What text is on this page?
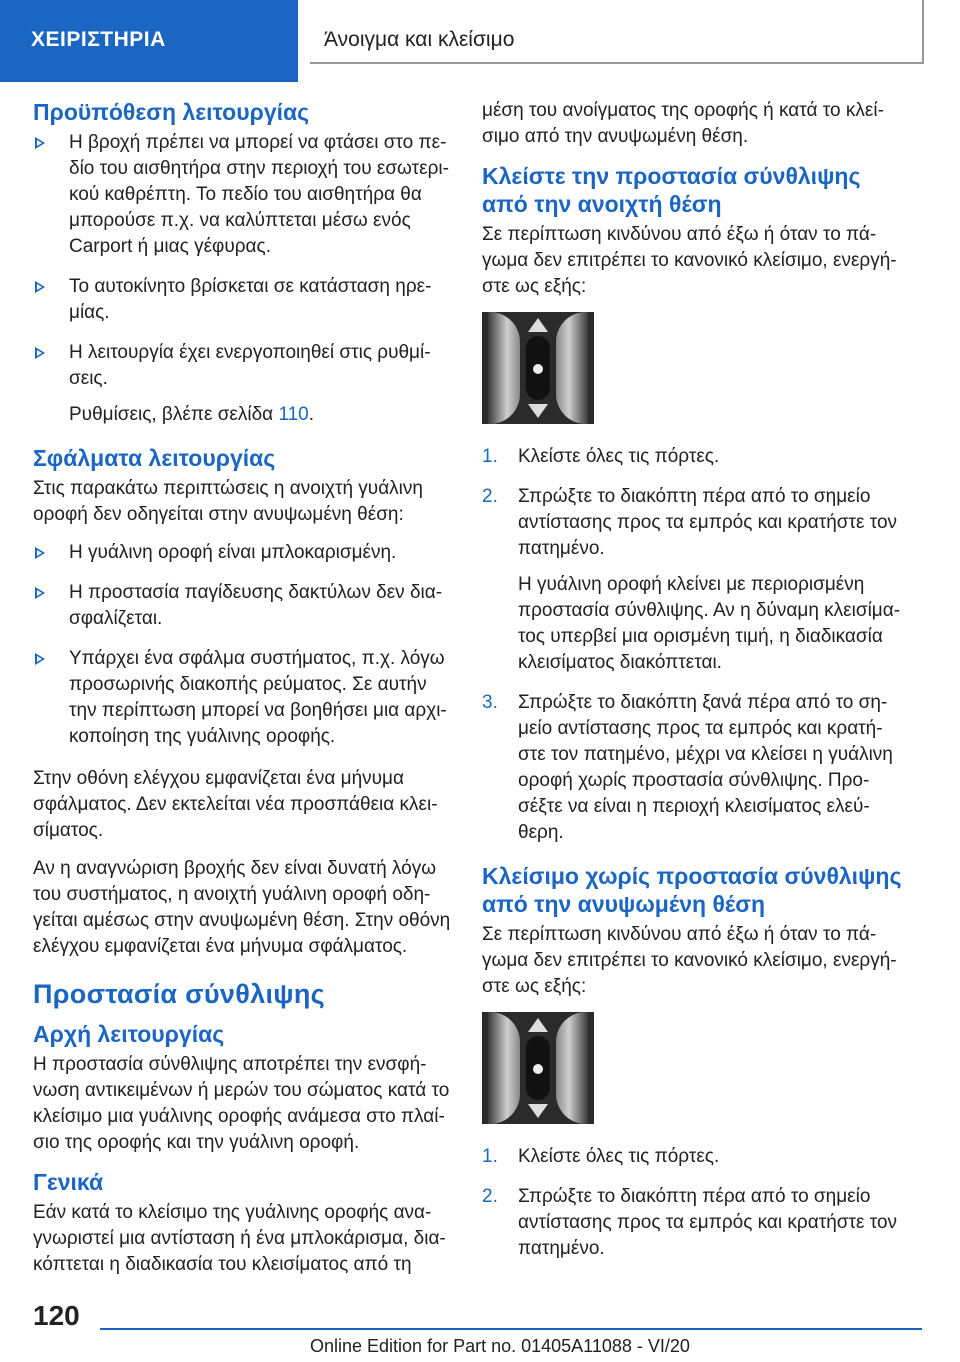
ΧΕΙΡΙΣΤΗΡΙΑ	Άνοιγμα και κλείσιμο
Προϋπόθεση λειτουργίας
Η βροχή πρέπει να μπορεί να φτάσει στο πεδίο του αισθητήρα στην περιοχή του εσωτερικού καθρέπτη. Το πεδίο του αισθητήρα θα μπορούσε π.χ. να καλύπτεται μέσω ενός Carport ή μιας γέφυρας.
Το αυτοκίνητο βρίσκεται σε κατάσταση ηρεμίας.
Η λειτουργία έχει ενεργοποιηθεί στις ρυθμίσεις.
Ρυθμίσεις, βλέπε σελίδα 110.
Σφάλματα λειτουργίας

Στις παρακάτω περιπτώσεις η ανοιχτή γυάλινη οροφή δεν οδηγείται στην ανυψωμένη θέση:

Η γυάλινη οροφή είναι μπλοκαρισμένη.
Η προστασία παγίδευσης δακτύλων δεν διασφαλίζεται.
Υπάρχει ένα σφάλμα συστήματος, π.χ. λόγω προσωρινής διακοπής ρεύματος. Σε αυτήν την περίπτωση μπορεί να βοηθήσει μια αρχικοποίηση της γυάλινης οροφής.

Στην οθόνη ελέγχου εμφανίζεται ένα μήνυμα σφάλματος. Δεν εκτελείται νέα προσπάθεια κλεισίματος.

Αν η αναγνώριση βροχής δεν είναι δυνατή λόγω του συστήματος, η ανοιχτή γυάλινη οροφή οδηγείται αμέσως στην ανυψωμένη θέση. Στην οθόνη ελέγχου εμφανίζεται ένα μήνυμα σφάλματος.

Προστασία σύνθλιψης
Αρχή λειτουργίας

Η προστασία σύνθλιψης αποτρέπει την ενσφήνωση αντικειμένων ή μερών του σώματος κατά το κλείσιμο μια γυάλινης οροφής ανάμεσα στο πλαίσιο της οροφής και την γυάλινη οροφή.

Γενικά

Εάν κατά το κλείσιμο της γυάλινης οροφής αναγνωριστεί μια αντίσταση ή ένα μπλοκάρισμα, διακόπτεται η διαδικασία του κλεισίματος από τη

μέση του ανοίγματος της οροφής ή κατά το κλείσιμο από την ανυψωμένη θέση.

Κλείστε την προστασία σύνθλιψης από την ανοιχτή θέση

Σε περίπτωση κινδύνου από έξω ή όταν το πάγωμα δεν επιτρέπει το κανονικό κλείσιμο, ενεργήστε ως εξής:

1. Κλείστε όλες τις πόρτες.
2. Σπρώξτε το διακόπτη πέρα από το σημείο αντίστασης προς τα εμπρός και κρατήστε τον πατημένο.
Η γυάλινη οροφή κλείνει με περιορισμένη προστασία σύνθλιψης. Αν η δύναμη κλεισίματος υπερβεί μια ορισμένη τιμή, η διαδικασία κλεισίματος διακόπτεται.
3. Σπρώξτε το διακόπτη ξανά πέρα από το σημείο αντίστασης προς τα εμπρός και κρατήστε τον πατημένο, μέχρι να κλείσει η γυάλινη οροφή χωρίς προστασία σύνθλιψης. Προσέξτε να είναι η περιοχή κλεισίματος ελεύθερη.
Κλείσιμο χωρίς προστασία σύνθλιψης από την ανυψωμένη θέση

Σε περίπτωση κινδύνου από έξω ή όταν το πάγωμα δεν επιτρέπει το κανονικό κλείσιμο, ενεργήστε ως εξής:

1. Κλείστε όλες τις πόρτες.
2. Σπρώξτε το διακόπτη πέρα από το σημείο αντίστασης προς τα εμπρός και κρατήστε τον πατημένο.
120
Online Edition for Part no. 01405A11088 - VI/20
